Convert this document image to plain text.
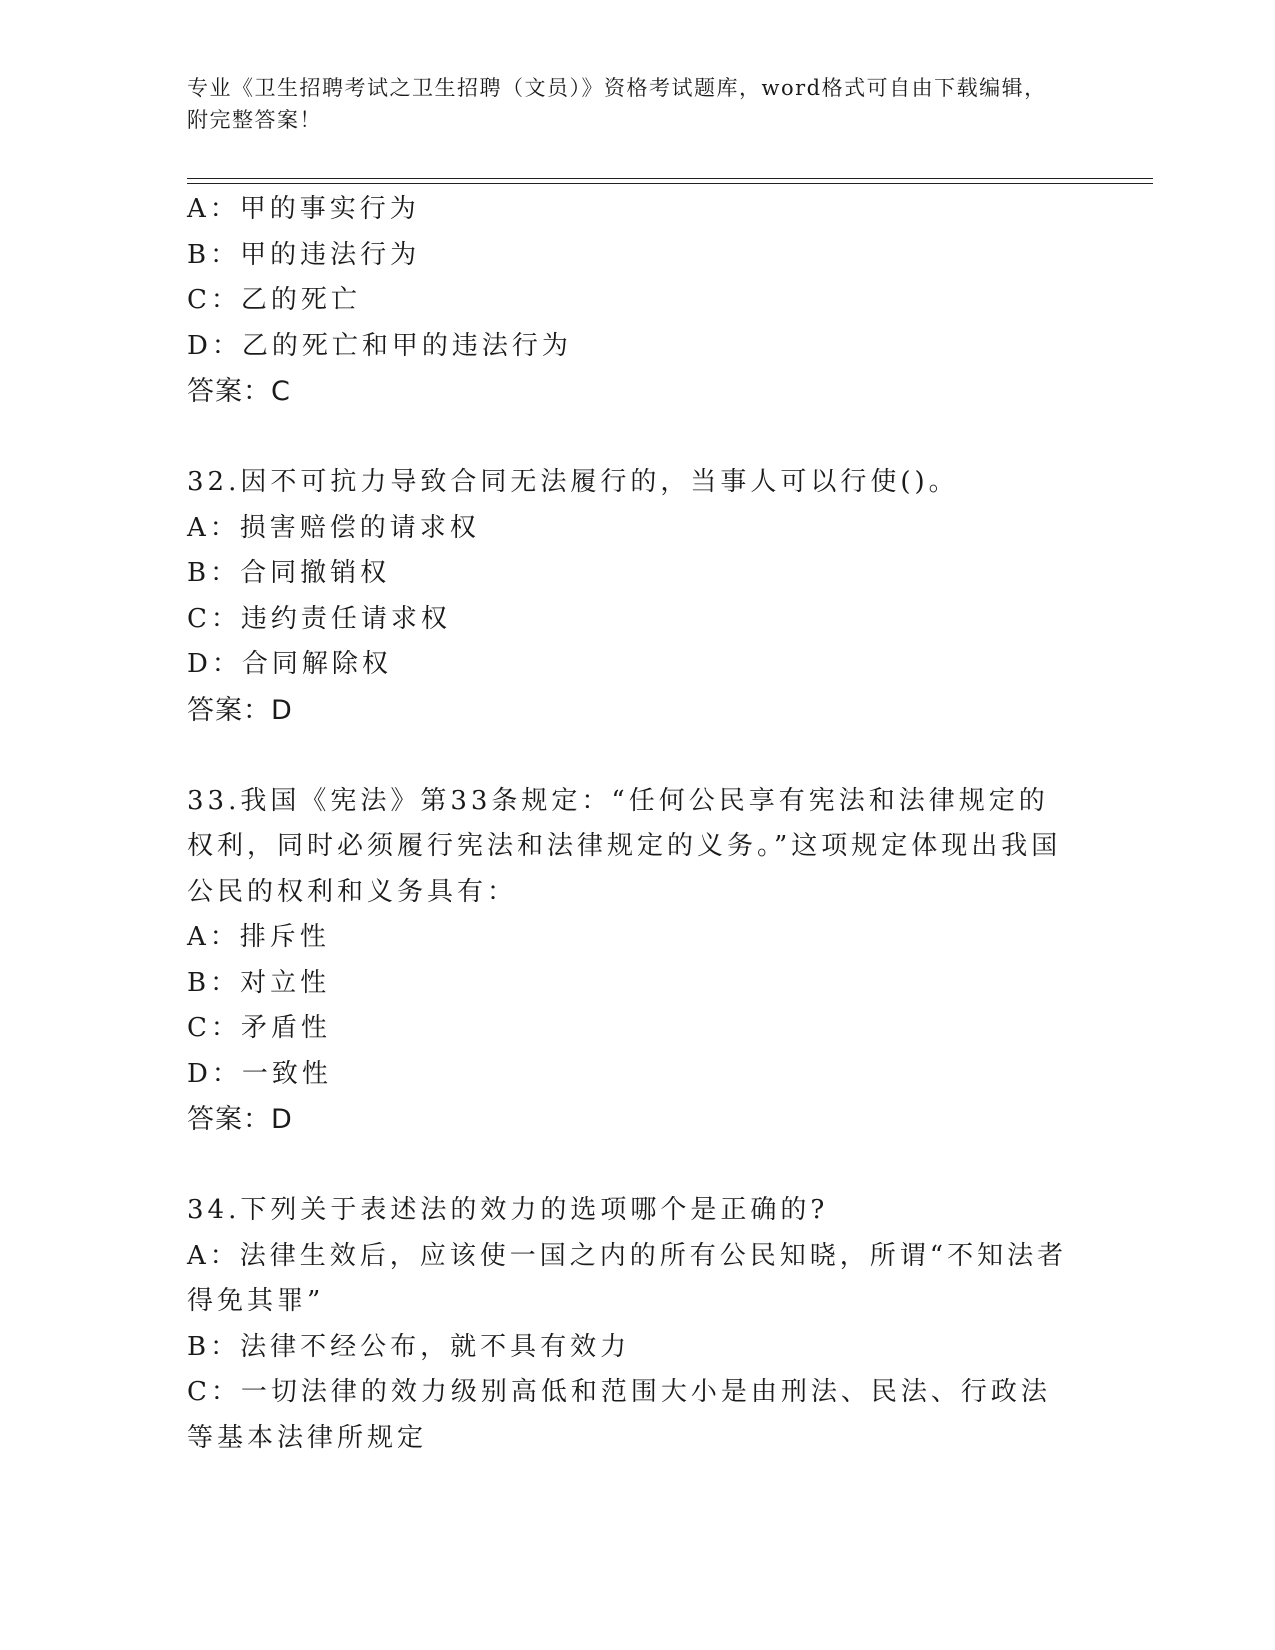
专业《卫生招聘考试之卫生招聘（文员）》资格考试题库，word格式可自由下载编辑，附完整答案！
A：甲的事实行为
B：甲的违法行为
C：乙的死亡
D：乙的死亡和甲的违法行为
答案：C
32.因不可抗力导致合同无法履行的，当事人可以行使()。
A：损害赔偿的请求权
B：合同撤销权
C：违约责任请求权
D：合同解除权
答案：D
33.我国《宪法》第33条规定：“任何公民享有宪法和法律规定的权利，同时必须履行宪法和法律规定的义务。”这项规定体现出我国公民的权利和义务具有：
A：排斥性
B：对立性
C：矛盾性
D：一致性
答案：D
34.下列关于表述法的效力的选项哪个是正确的?
A：法律生效后，应该使一国之内的所有公民知晓，所谓“不知法者得免其罪”
B：法律不经公布，就不具有效力
C：一切法律的效力级别高低和范围大小是由刑法、民法、行政法等基本法律所规定
